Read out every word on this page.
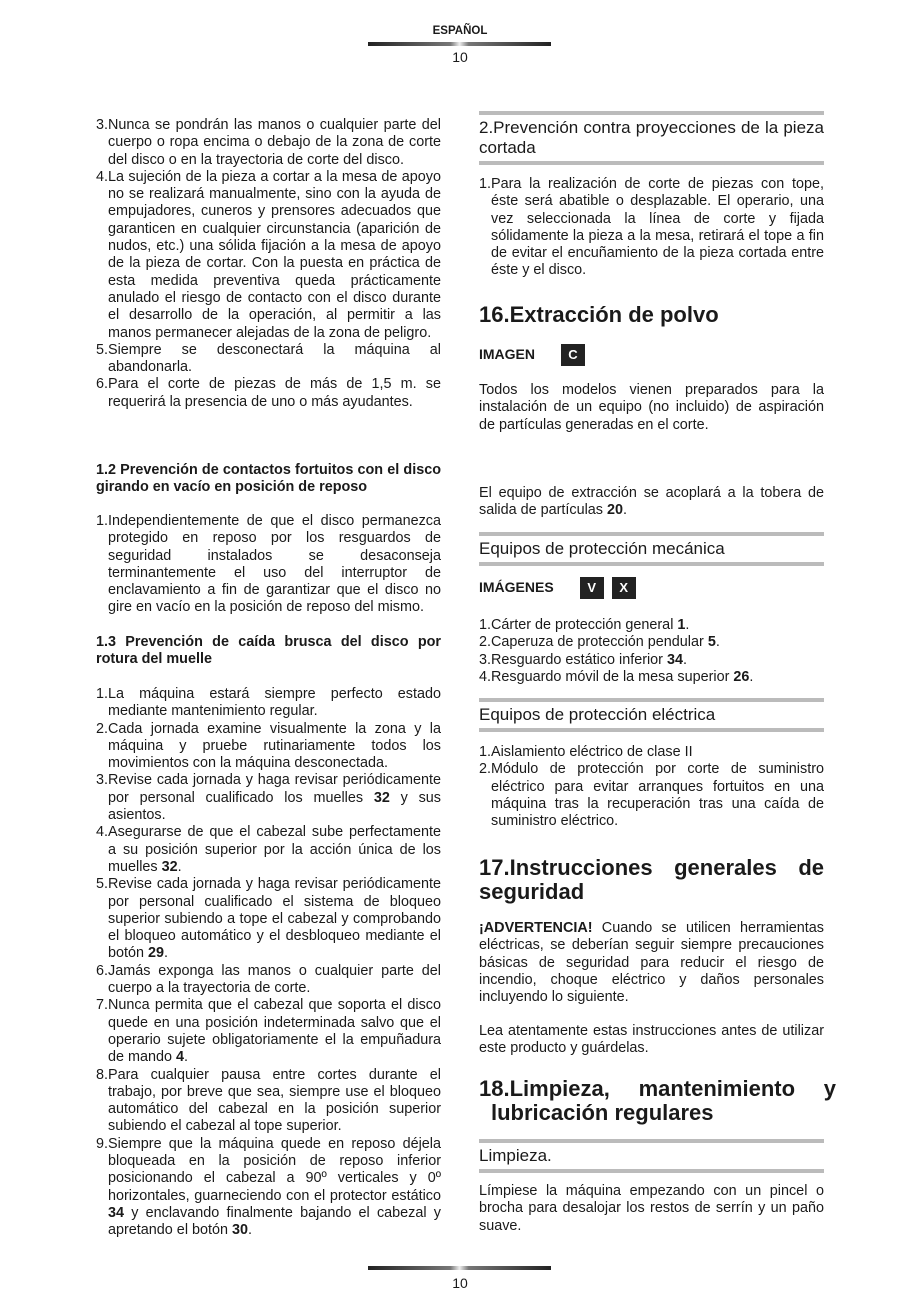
ESPAÑOL
10

3.Nunca se pondrán las manos o cualquier parte del cuerpo o ropa encima o debajo de la zona de corte del disco o en la trayectoria de corte del disco.

4.La sujeción de la pieza a cortar a la mesa de apoyo no se realizará manualmente, sino con la ayuda de empujadores, cuneros y prensores adecuados que garanticen en cualquier circunstancia (aparición de nudos, etc.) una sólida fijación a la mesa de apoyo de la pieza de cortar. Con la puesta en práctica de esta medida preventiva queda prácticamente anulado el riesgo de contacto con el disco durante el desarrollo de la operación, al permitir a las manos permanecer alejadas de la zona de peligro.

5.Siempre se desconectará la máquina al abandonarla.

6.Para el corte de piezas de más de 1,5 m. se requerirá la presencia de uno o más ayudantes.

1.2 Prevención de contactos fortuitos con el disco girando en vacío en posición de reposo

1.Independientemente de que el disco permanezca protegido en reposo por los resguardos de seguridad instalados se desaconseja terminantemente el uso del interruptor de enclavamiento a fin de garantizar que el disco no gire en vacío en la posición de reposo del mismo.

1.3 Prevención de caída brusca del disco por rotura del muelle

1.La máquina estará siempre perfecto estado mediante mantenimiento regular.

2.Cada jornada examine visualmente la zona y la máquina y pruebe rutinariamente todos los movimientos con la máquina desconectada.

3.Revise cada jornada y haga revisar periódicamente por personal cualificado los muelles 32 y sus asientos.

4.Asegurarse de que el cabezal sube perfectamente a su posición superior por la acción única de los muelles 32.

5.Revise cada jornada y haga revisar periódicamente por personal cualificado el sistema de bloqueo superior subiendo a tope el cabezal y comprobando el bloqueo automático y el desbloqueo mediante el botón 29.

6.Jamás exponga las manos o cualquier parte del cuerpo a la trayectoria de corte.

7.Nunca permita que el cabezal que soporta el disco quede en una posición indeterminada salvo que el operario sujete obligatoriamente el la empuñadura de mando 4.

8.Para cualquier pausa entre cortes durante el trabajo, por breve que sea, siempre use el bloqueo automático del cabezal en la posición superior subiendo el cabezal al tope superior.

9.Siempre que la máquina quede en reposo déjela bloqueada en la posición de reposo inferior posicionando el cabezal a 90º verticales y 0º horizontales, guarneciendo con el protector estático 34 y enclavando finalmente bajando el cabezal y apretando el botón 30.

2.Prevención contra proyecciones de la pieza cortada

1.Para la realización de corte de piezas con tope, éste será abatible o desplazable. El operario, una vez seleccionada la línea de corte y fijada sólidamente la pieza a la mesa, retirará el tope a fin de evitar el encuñamiento de la pieza cortada entre éste y el disco.

16.Extracción de polvo
IMAGEN	C
Todos los modelos vienen preparados para la instalación de un equipo (no incluido) de aspiración de partículas generadas en el corte.
El equipo de extracción se acoplará a la tobera de salida de partículas 20.
Equipos de protección mecánica
IMÁGENES	V X

1.Cárter de protección general 1.

2.Caperuza de protección pendular 5.

3.Resguardo estático inferior 34.

4.Resguardo móvil de la mesa superior 26.

Equipos de protección eléctrica

1.Aislamiento eléctrico de clase II

2.Módulo de protección por corte de suministro eléctrico para evitar arranques fortuitos en una máquina tras la recuperación tras una caída de suministro eléctrico.

17.Instrucciones generales de seguridad
¡ADVERTENCIA! Cuando se utilicen herramientas eléctricas, se deberían seguir siempre precauciones básicas de seguridad para reducir el riesgo de incendio, choque eléctrico y daños personales incluyendo lo siguiente.
Lea atentamente estas instrucciones antes de utilizar este producto y guárdelas.
18.Limpieza, mantenimiento y lubricación regulares
Limpieza.
Límpiese la máquina empezando con un pincel o brocha para desalojar los restos de serrín y un paño suave.
10
